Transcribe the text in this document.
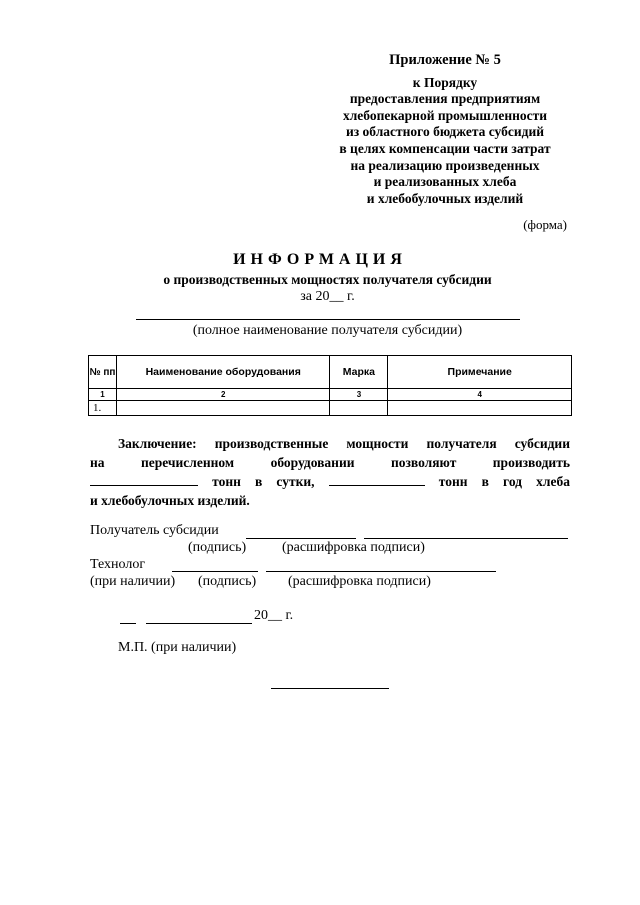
Приложение № 5
к Порядку
предоставления предприятиям
хлебопекарной промышленности
из областного бюджета субсидий
в целях компенсации части затрат
на реализацию произведенных
и реализованных хлеба
и хлебобулочных изделий
(форма)
ИНФОРМАЦИЯ
о производственных мощностях получателя субсидии
за 20__ г.
(полное наименование получателя субсидии)
№ пп	Наименование оборудования	Марка	Примечание
1	2	3	4
1.			
Заключение: производственные мощности получателя субсидии
на	перечисленном	оборудовании	позволяют	производить
тонн в сутки,	тонн в год хлеба
и хлебобулочных изделий.
Получатель субсидии
(подпись)	(расшифровка подписи)
Технолог
(при наличии) (подпись) (расшифровка подписи)
20__ г.
М.П. (при наличии)
